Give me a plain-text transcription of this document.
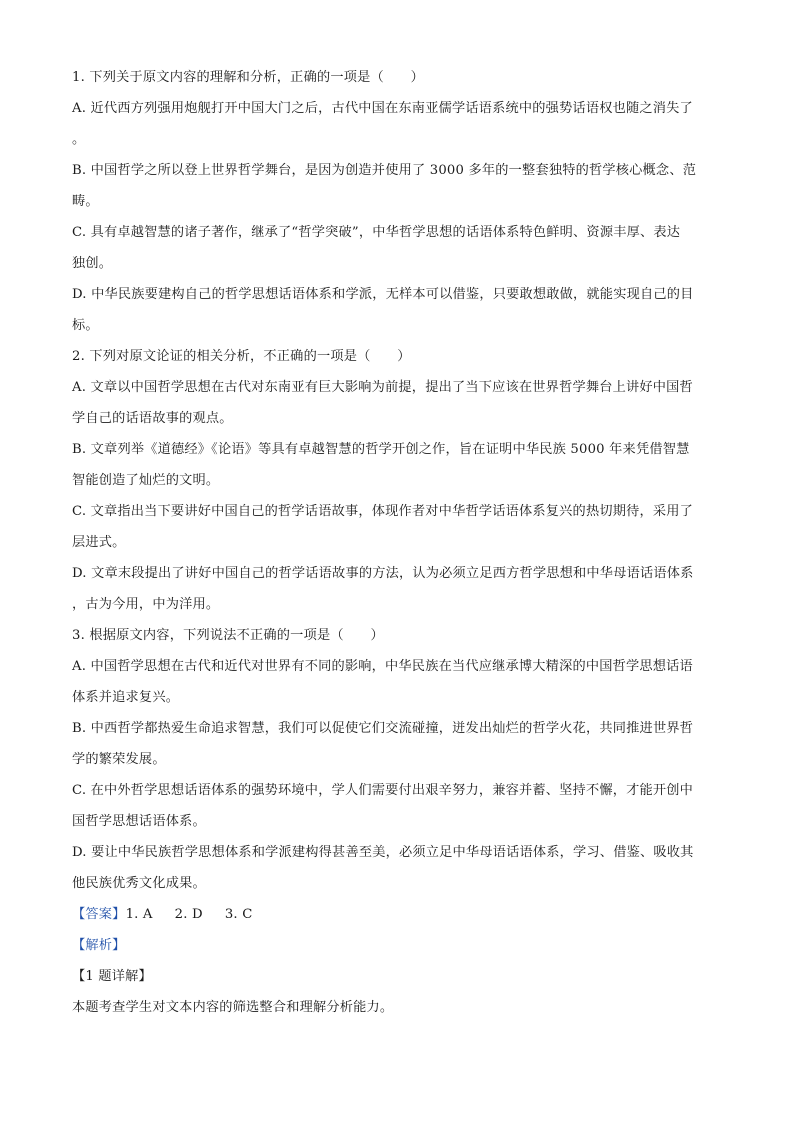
1. 下列关于原文内容的理解和分析，正确的一项是（　　）
A. 近代西方列强用炮舰打开中国大门之后，古代中国在东南亚儒学话语系统中的强势话语权也随之消失了
。
B. 中国哲学之所以登上世界哲学舞台，是因为创造并使用了 3000 多年的一整套独特的哲学核心概念、范
畴。
C. 具有卓越智慧的诸子著作，继承了“哲学突破”，中华哲学思想的话语体系特色鲜明、资源丰厚、表达
独创。
D. 中华民族要建构自己的哲学思想话语体系和学派，无样本可以借鉴，只要敢想敢做，就能实现自己的目
标。
2. 下列对原文论证的相关分析，不正确的一项是（　　）
A. 文章以中国哲学思想在古代对东南亚有巨大影响为前提，提出了当下应该在世界哲学舞台上讲好中国哲
学自己的话语故事的观点。
B. 文章列举《道德经》《论语》等具有卓越智慧的哲学开创之作，旨在证明中华民族 5000 年来凭借智慧
智能创造了灿烂的文明。
C. 文章指出当下要讲好中国自己的哲学话语故事，体现作者对中华哲学话语体系复兴的热切期待，采用了
层进式。
D. 文章末段提出了讲好中国自己的哲学话语故事的方法，认为必须立足西方哲学思想和中华母语话语体系
，古为今用，中为洋用。
3. 根据原文内容，下列说法不正确的一项是（　　）
A. 中国哲学思想在古代和近代对世界有不同的影响，中华民族在当代应继承博大精深的中国哲学思想话语
体系并追求复兴。
B. 中西哲学都热爱生命追求智慧，我们可以促使它们交流碰撞，迸发出灿烂的哲学火花，共同推进世界哲
学的繁荣发展。
C. 在中外哲学思想话语体系的强势环境中，学人们需要付出艰辛努力，兼容并蓄、坚持不懈，才能开创中
国哲学思想话语体系。
D. 要让中华民族哲学思想体系和学派建构得甚善至美，必须立足中华母语话语体系，学习、借鉴、吸收其
他民族优秀文化成果。
【答案】1. A 2. D 3. C
【解析】
【1 题详解】
本题考查学生对文本内容的筛选整合和理解分析能力。
